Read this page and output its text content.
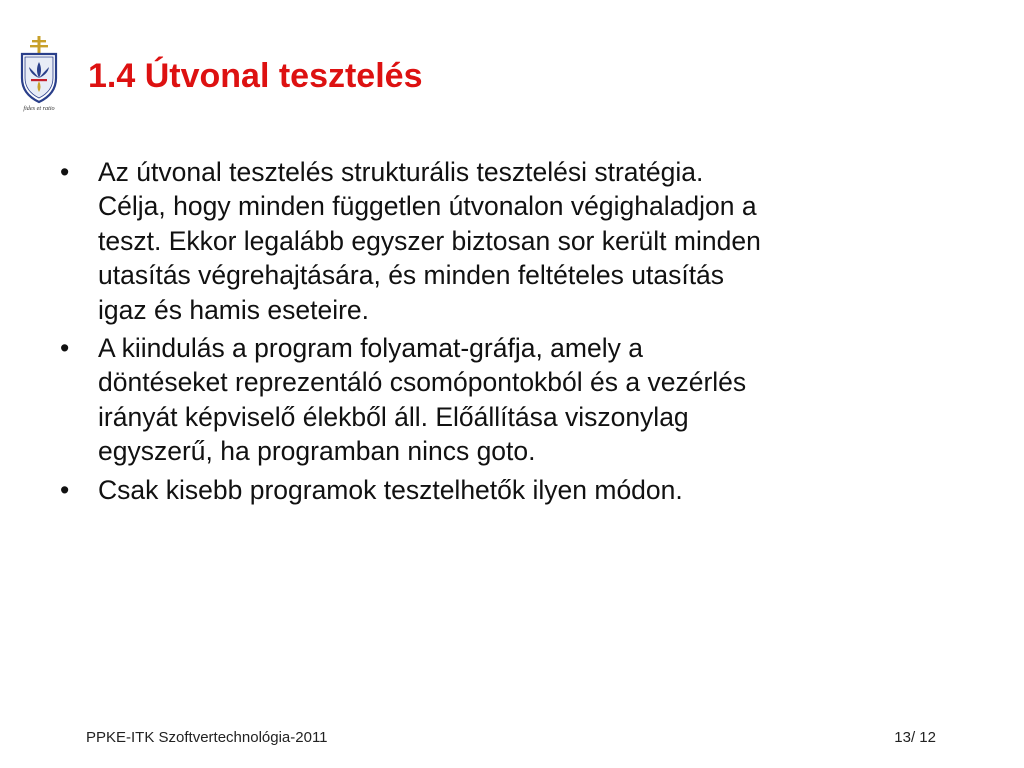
fides et ratio
1.4 Útvonal tesztelés
•	Az útvonal tesztelés strukturális tesztelési stratégia.
Célja, hogy minden független útvonalon végighaladjon a
teszt. Ekkor legalább egyszer biztosan sor került minden
utasítás végrehajtására, és minden feltételes utasítás
igaz és hamis eseteire.
•	A kiindulás a program folyamat-gráfja, amely a
döntéseket reprezentáló csomópontokból és a vezérlés
irányát képviselő élekből áll. Előállítása viszonylag
egyszerű, ha programban nincs goto.
•	Csak kisebb programok tesztelhetők ilyen módon.
PPKE-ITK Szoftvertechnológia-2011	13/ 12
